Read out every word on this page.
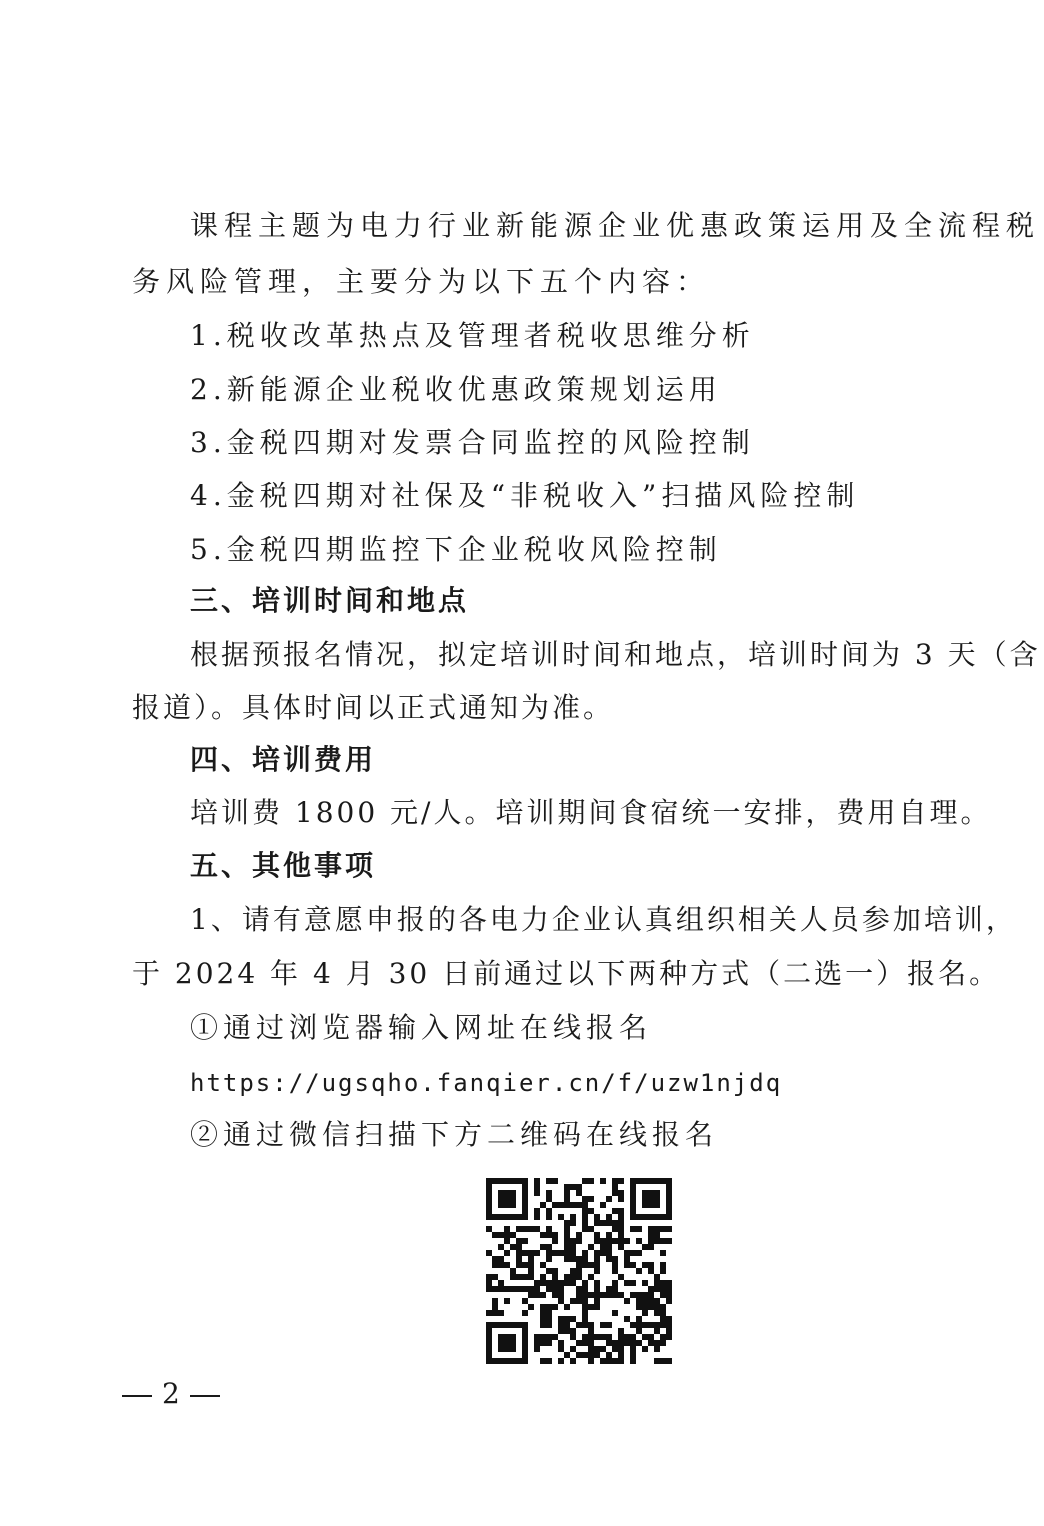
课程主题为电力行业新能源企业优惠政策运用及全流程税
务风险管理，主要分为以下五个内容：
1.税收改革热点及管理者税收思维分析
2.新能源企业税收优惠政策规划运用
3.金税四期对发票合同监控的风险控制
4.金税四期对社保及“非税收入”扫描风险控制
5.金税四期监控下企业税收风险控制
三、培训时间和地点
根据预报名情况，拟定培训时间和地点，培训时间为 3 天（含
报道）。具体时间以正式通知为准。
四、培训费用
培训费 1800 元/人。培训期间食宿统一安排，费用自理。
五、其他事项
1、请有意愿申报的各电力企业认真组织相关人员参加培训，
于 2024 年 4 月 30 日前通过以下两种方式（二选一）报名。
①通过浏览器输入网址在线报名
https://ugsqho.fanqier.cn/f/uzw1njdq
②通过微信扫描下方二维码在线报名
2
